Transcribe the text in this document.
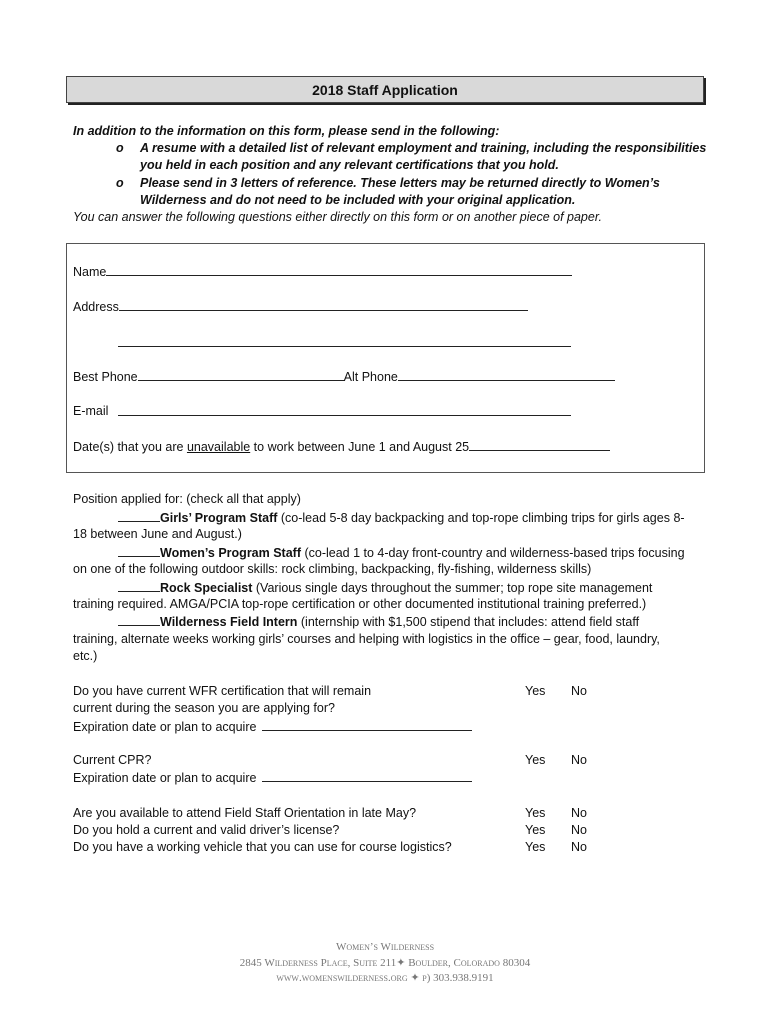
2018 Staff Application
In addition to the information on this form, please send in the following:
o A resume with a detailed list of relevant employment and training, including the responsibilities
you held in each position and any relevant certifications that you hold.
o Please send in 3 letters of reference. These letters may be returned directly to Women’s
Wilderness and do not need to be included with your original application.
You can answer the following questions either directly on this form or on another piece of paper.
Name
Address
Best Phone	Alt Phone
E-mail
Date(s) that you are unavailable to work between June 1 and August 25
Position applied for: (check all that apply)
Girls’ Program Staff (co-lead 5-8 day backpacking and top-rope climbing trips for girls ages 8-
18 between June and August.)
Women’s Program Staff (co-lead 1 to 4-day front-country and wilderness-based trips focusing
on one of the following outdoor skills: rock climbing, backpacking, fly-fishing, wilderness skills)
Rock Specialist (Various single days throughout the summer; top rope site management
training required. AMGA/PCIA top-rope certification or other documented institutional training preferred.)
Wilderness Field Intern (internship with $1,500 stipend that includes: attend field staff
training, alternate weeks working girls’ courses and helping with logistics in the office – gear, food, laundry,
etc.)
Do you have current WFR certification that will remain	Yes No
current during the season you are applying for?
Expiration date or plan to acquire
Current CPR?	Yes No
Expiration date or plan to acquire
Are you available to attend Field Staff Orientation in late May?	Yes No
Do you hold a current and valid driver’s license?	Yes No
Do you have a working vehicle that you can use for course logistics?	Yes No
Women’s Wilderness
2845 Wilderness Place, Suite 211✦ Boulder, Colorado 80304
www.womenswilderness.org ✦ p) 303.938.9191
